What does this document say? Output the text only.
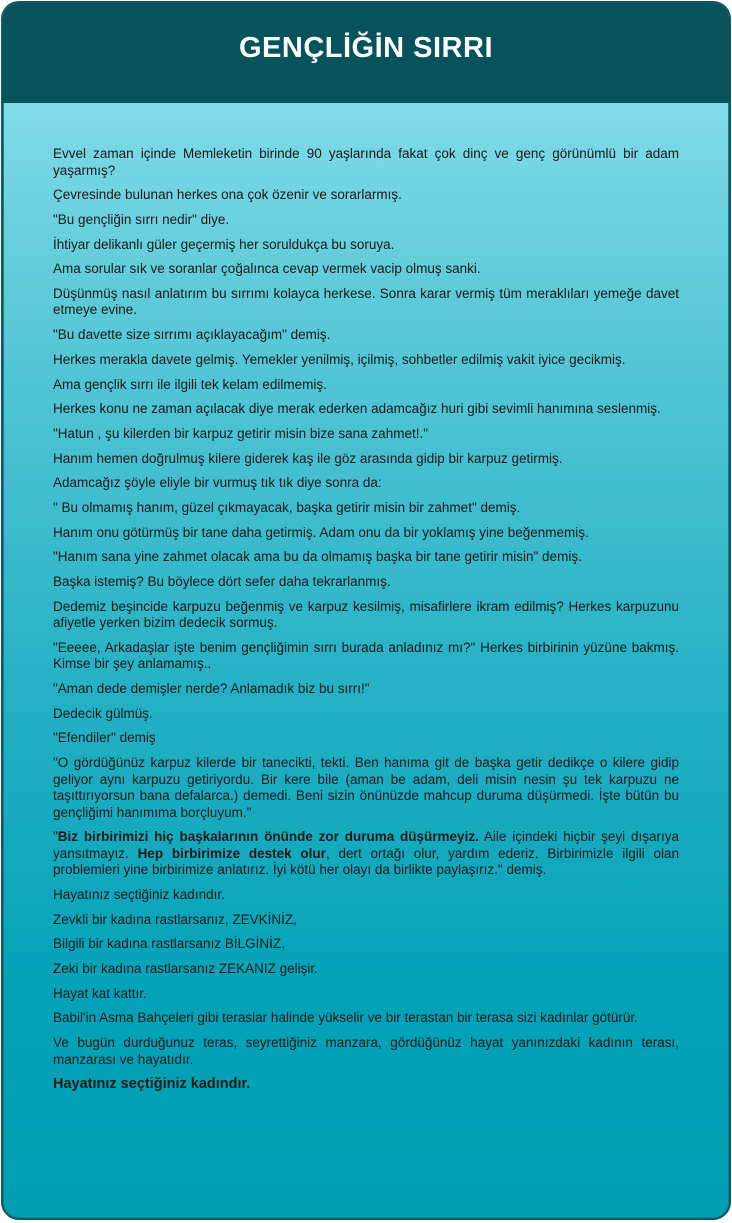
GENÇLİĞİN SIRRI

Evvel zaman içinde Memleketin birinde 90 yaşlarında fakat çok dinç ve genç görünümlü bir adam yaşarmış?

Çevresinde bulunan herkes ona çok özenir ve sorarlarmış.

"Bu gençliğin sırrı nedir" diye.

İhtiyar delikanlı güler geçermiş her soruldukça bu soruya.

Ama sorular sık ve soranlar çoğalınca cevap vermek vacip olmuş sanki.

Düşünmüş nasıl anlatırım bu sırrımı kolayca herkese. Sonra karar vermiş tüm meraklıları yemeğe davet etmeye evine.

"Bu davette size sırrımı açıklayacağım" demiş.

Herkes merakla davete gelmiş. Yemekler yenilmiş, içilmiş, sohbetler edilmiş vakit iyice gecikmiş.

Ama gençlik sırrı ile ilgili tek kelam edilmemiş.

Herkes konu ne zaman açılacak diye merak ederken adamcağız huri gibi sevimli hanımına seslenmiş.

"Hatun , şu kilerden bir karpuz getirir misin bize sana zahmet!."

Hanım hemen doğrulmuş kilere giderek kaş ile göz arasında gidip bir karpuz getirmiş.

Adamcağız şöyle eliyle bir vurmuş tık tık diye sonra da:

" Bu olmamış hanım, güzel çıkmayacak, başka getirir misin bir zahmet" demiş.

Hanım onu götürmüş bir tane daha getirmiş. Adam onu da bir yoklamış yine beğenmemiş.

"Hanım sana yine zahmet olacak ama bu da olmamış başka bir tane getirir misin" demiş.

Başka istemiş? Bu böylece dört sefer daha tekrarlanmış.

Dedemiz beşincide karpuzu beğenmiş ve karpuz kesilmiş, misafirlere ikram edilmiş? Herkes karpuzunu afiyetle yerken bizim dedecik sormuş.

"Eeeee, Arkadaşlar işte benim gençliğimin sırrı burada anladınız mı?" Herkes birbirinin yüzüne bakmış. Kimse bir şey anlamamış..

"Aman dede demişler nerde? Anlamadık biz bu sırrı!"

Dedecik gülmüş.

"Efendiler" demiş

"O gördüğünüz karpuz kilerde bir tanecikti, tekti. Ben hanıma git de başka getir dedikçe o kilere gidip geliyor aynı karpuzu getiriyordu. Bir kere bile (aman be adam, deli misin nesin şu tek karpuzu ne taşıttırıyorsun bana defalarca.) demedi. Beni sizin önünüzde mahcup duruma düşürmedi. İşte bütün bu gençliğimi hanımıma borçluyum."

"Biz birbirimizi hiç başkalarının önünde zor duruma düşürmeyiz. Aile içindeki hiçbir şeyi dışarıya yansıtmayız. Hep birbirimize destek olur, dert ortağı olur, yardım ederiz. Birbirimizle ilgili olan problemleri yine birbirimize anlatırız. İyi kötü her olayı da birlikte paylaşırız." demiş.

Hayatınız seçtiğiniz kadındır.

Zevkli bir kadına rastlarsanız, ZEVKİNİZ,

Bilgili bir kadına rastlarsanız BİLGİNİZ,

Zeki bir kadına rastlarsanız ZEKANIZ gelişir.

Hayat kat kattır.

Babil'in Asma Bahçeleri gibi teraslar halinde yükselir ve bir terastan bir terasa sizi kadınlar götürür.

Ve bugün durduğunuz teras, seyrettiğiniz manzara, gördüğünüz hayat yanınızdaki kadının terası, manzarası ve hayatıdır.

Hayatınız seçtiğiniz kadındır.
